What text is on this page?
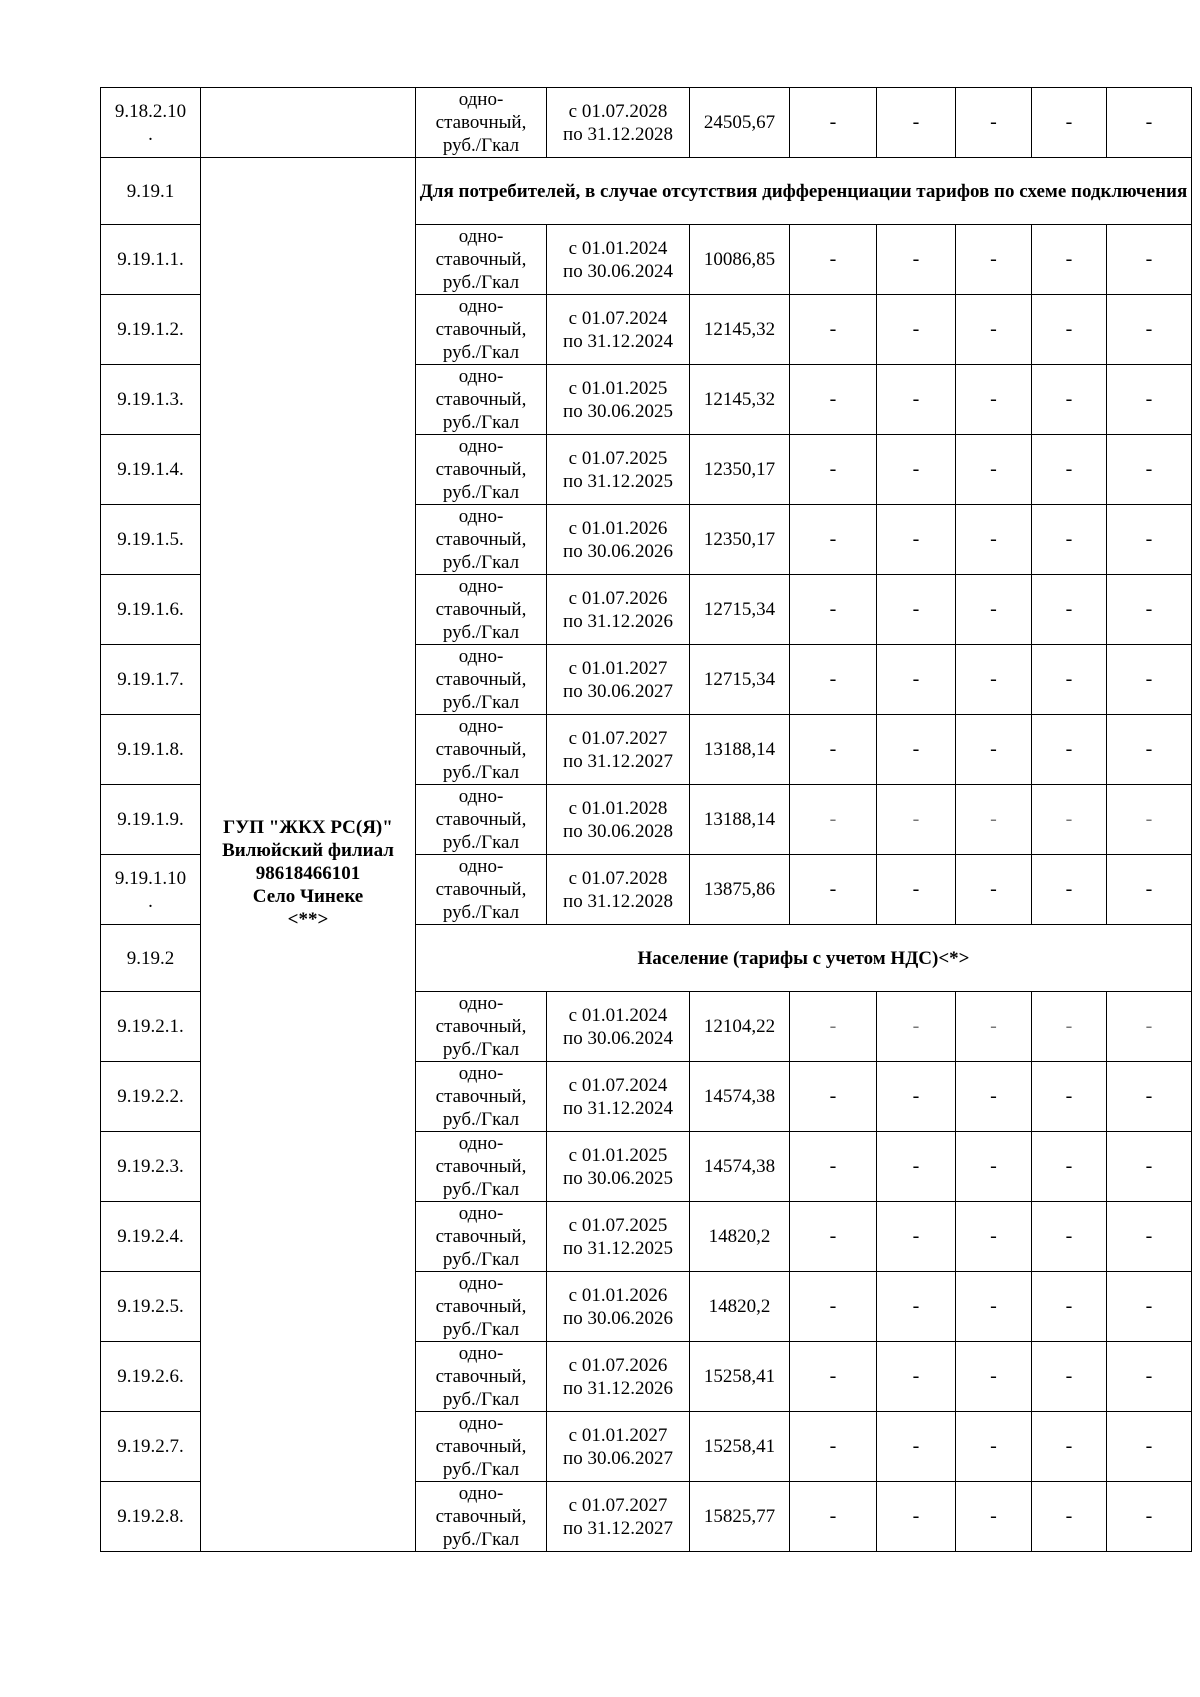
9.18.2.10
.		одно-
ставочный,
руб./Гкал	с 01.07.2028
по 31.12.2028	24505,67	-	-	-	-	-
9.19.1	ГУП "ЖКХ РС(Я)"
Вилюйский филиал
98618466101
Село Чинеке
<**>	Для потребителей, в случае отсутствия дифференциации тарифов по схеме подключения							

9.19.1.1.		одно-
ставочный,
руб./Гкал	с 01.01.2024
по 30.06.2024	10086,85	-	-	-	-	-

9.19.1.2.		одно-
ставочный,
руб./Гкал	с 01.07.2024
по 31.12.2024	12145,32	-	-	-	-	-

9.19.1.3.		одно-
ставочный,
руб./Гкал	с 01.01.2025
по 30.06.2025	12145,32	-	-	-	-	-

9.19.1.4.		одно-
ставочный,
руб./Гкал	с 01.07.2025
по 31.12.2025	12350,17	-	-	-	-	-

9.19.1.5.		одно-
ставочный,
руб./Гкал	с 01.01.2026
по 30.06.2026	12350,17	-	-	-	-	-

9.19.1.6.		одно-
ставочный,
руб./Гкал	с 01.07.2026
по 31.12.2026	12715,34	-	-	-	-	-

9.19.1.7.		одно-
ставочный,
руб./Гкал	с 01.01.2027
по 30.06.2027	12715,34	-	-	-	-	-

9.19.1.8.		одно-
ставочный,
руб./Гкал	с 01.07.2027
по 31.12.2027	13188,14	-	-	-	-	-

9.19.1.9.		одно-
ставочный,
руб./Гкал	с 01.01.2028
по 30.06.2028	13188,14	-	-	-	-	-

9.19.1.10
.		одно-
ставочный,
руб./Гкал	с 01.07.2028
по 31.12.2028	13875,86	-	-	-	-	-
9.19.2		Население (тарифы с учетом НДС)<*>							

9.19.2.1.		одно-
ставочный,
руб./Гкал	с 01.01.2024
по 30.06.2024	12104,22	-	-	-	-	-

9.19.2.2.		одно-
ставочный,
руб./Гкал	с 01.07.2024
по 31.12.2024	14574,38	-	-	-	-	-

9.19.2.3.		одно-
ставочный,
руб./Гкал	с 01.01.2025
по 30.06.2025	14574,38	-	-	-	-	-

9.19.2.4.		одно-
ставочный,
руб./Гкал	с 01.07.2025
по 31.12.2025	14820,2	-	-	-	-	-

9.19.2.5.		одно-
ставочный,
руб./Гкал	с 01.01.2026
по 30.06.2026	14820,2	-	-	-	-	-

9.19.2.6.		одно-
ставочный,
руб./Гкал	с 01.07.2026
по 31.12.2026	15258,41	-	-	-	-	-

9.19.2.7.		одно-
ставочный,
руб./Гкал	с 01.01.2027
по 30.06.2027	15258,41	-	-	-	-	-

9.19.2.8.		одно-
ставочный,
руб./Гкал	с 01.07.2027
по 31.12.2027	15825,77	-	-	-	-	-
